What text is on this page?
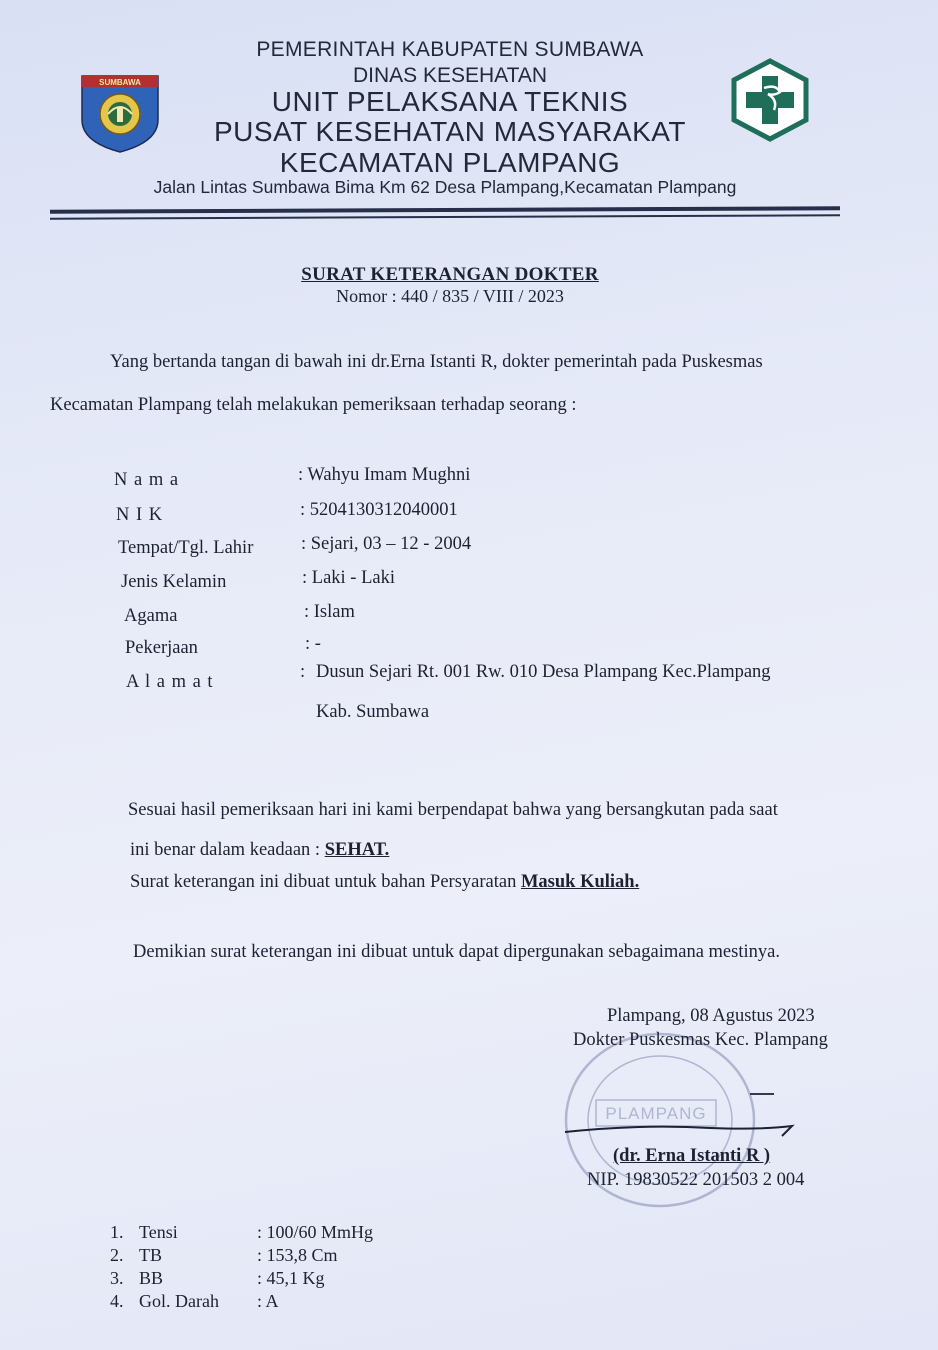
SUMBAWA
PEMERINTAH KABUPATEN SUMBAWA
DINAS KESEHATAN
UNIT PELAKSANA TEKNIS
PUSAT KESEHATAN MASYARAKAT
KECAMATAN PLAMPANG
Jalan Lintas Sumbawa Bima Km 62 Desa Plampang,Kecamatan Plampang
SURAT KETERANGAN DOKTER
Nomor : 440 / 835 / VIII / 2023
Yang bertanda tangan di bawah ini dr.Erna Istanti R, dokter pemerintah pada Puskesmas
Kecamatan Plampang telah melakukan pemeriksaan terhadap seorang :
N a m a	: Wahyu Imam Mughni
N I K	: 5204130312040001
Tempat/Tgl. Lahir	: Sejari, 03 – 12 - 2004
Jenis Kelamin	: Laki - Laki
Agama	: Islam
Pekerjaan	: -
A l a m a t	: Dusun Sejari Rt. 001 Rw. 010 Desa Plampang Kec.Plampang
Kab. Sumbawa
Sesuai hasil pemeriksaan hari ini kami berpendapat bahwa yang bersangkutan pada saat
ini benar dalam keadaan : SEHAT.
Surat keterangan ini dibuat untuk bahan Persyaratan Masuk Kuliah.
Demikian surat keterangan ini dibuat untuk dapat dipergunakan sebagaimana mestinya.
PLAMPANG
Plampang, 08 Agustus 2023
Dokter Puskesmas Kec. Plampang
(dr. Erna Istanti R )
NIP. 19830522 201503 2 004
1. Tensi	: 100/60 MmHg
2. TB	: 153,8 Cm
3. BB	: 45,1 Kg
4. Gol. Darah : A
